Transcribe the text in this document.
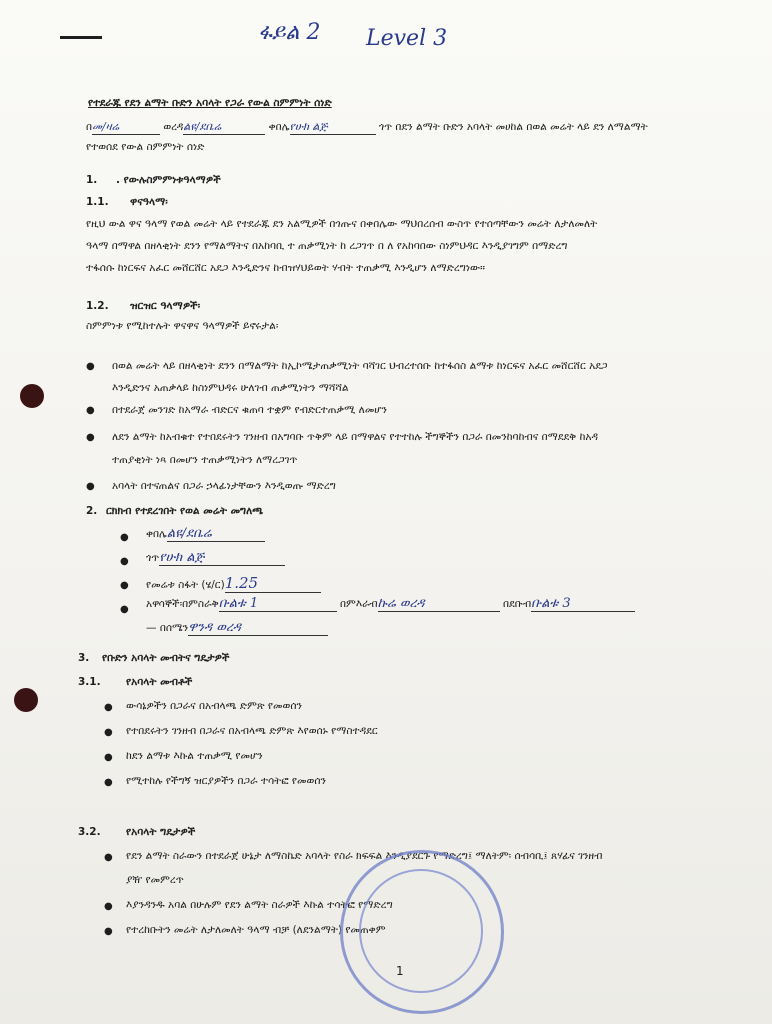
ፋይል 2 Level 3
የተደራጁ የደን ልማት ቡድን አባላት የጋራ የውል ስምምነት ሰነድ
በመ/ዛሬ	ወረዳልዩ/ደቤሬ	ቀበሌየሁክ ልጅ	ጎጥ በደን ልማት ቡድን አባላት መሀከል በወል መሬት ላይ ደን ለማልማት
የተወሰደ የውል ስምምነት ሰነድ
1. . የውሉስምምነቱዓላማዎች
1.1. ዋናዓላማ፡
የዚህ ውል ዋና ዓላማ የወል መሬት ላይ የተደራጁ ደን አልሚዎች በጎጡና በቀበሌው ማህበረሰብ ውስጥ የተሰጣቸውን መሬት ለታለመለት
ዓላማ በማዋል በዘላቂነት ደንን የማልማትና በአከባቢ ተ ጠቃሚነት ከ ረጋገጥ በ ለ የአከባበው ስነምህዳር እንዲያገግም በማድረግ
ተፋሰሱ ከነርፍና አፈር መሸርሸር አደጋ እንዲድንና ከብዝሃህይወት ሃብት ተጠቃሚ እንዲሆን ለማድረግነው።
1.2. ዝርዝር ዓላማዎች፡
ስምምነቱ የሚከተሉት ዋናዋና ዓላማዎች ይኖሩታል፡
● በወል መሬት ላይ በዘላቂነት ደንን በማልማት ከኢኮሜታጠቃሚነት ባሻገር ህብረተሰቡ ከተፋሰስ ልማቱ ከነርፍና አፈር መሸርሸር አደጋ
እንዲድንና አጠቃላይ ከስነምህዳሩ ሁለገብ ጠቃሚነትን ማሻሻል
● በተደራጀ መንገድ ከአማራ ብድርና ቁጠባ ተቋም የብድርተጠቃሚ ለመሆን
● ለደን ልማት ከአብቁተ የተበደሩትን ገንዘብ በአግባቡ ጥቅም ላይ በማዋልና የተተከሉ ችግኞችን በጋራ በመንከባከብና በማደደቅ ከአዳ
ተጠያቂነት ነጻ በመሆን ተጠቃሚነትን ለማረጋገጥ
● አባላት በተናጠልና በጋራ ኃላፊነታቸውን እንዲወጡ ማድረግ
2. ርክክብ የተደረገበት የወል መሬት መግለጫ
● ቀበሌልዩ/ደቤሬ
● ጎጥየሁክ ልጅ
● የመሬቱ ስፋት (ሄ/ር)1.25
● አዋሳኞች፡በምስራቅቡልቱ 1	በምእራብኩሬ ወረዳ	በደቡብቡልቱ 3
— በሰሜንዋንዳ ወረዳ
3. የቡድን አባላት መብትና ግዴታዎች
3.1. የአባላት መብቶች
● ውሳኔዎችን በጋራና በአብላጫ ድምጽ የመወሰን
● የተበደሩትን ገንዘብ በጋራና በአብላጫ ድምጽ እየወሰኑ የማስተዳደር
● ከደን ልማቱ እኩል ተጠቃሚ የመሆን
● የሚተከሉ የችግኝ ዝርያዎችን በጋራ ተሳትፎ የመወሰን
3.2. የአባላት ግዴታዎች
● የደን ልማት ስራውን በተደራጀ ሁኔታ ለማስኬድ አባላት የስራ ክፍፍል እንዲያደርጉ የማድረግ፤ ማለትም፡ ሰብሳቢ፤ ጸሃፊና ገንዘብ
ያዥ የመምረጥ
● እያንዳንዱ አባል በሁሉም የደን ልማት ስራዎች እኩል ተሳትፎ የማድረግ
● የተረከቡትን መሬት ለታለመለት ዓላማ ብቻ (ለደንልማት) የመጠቀም
1
